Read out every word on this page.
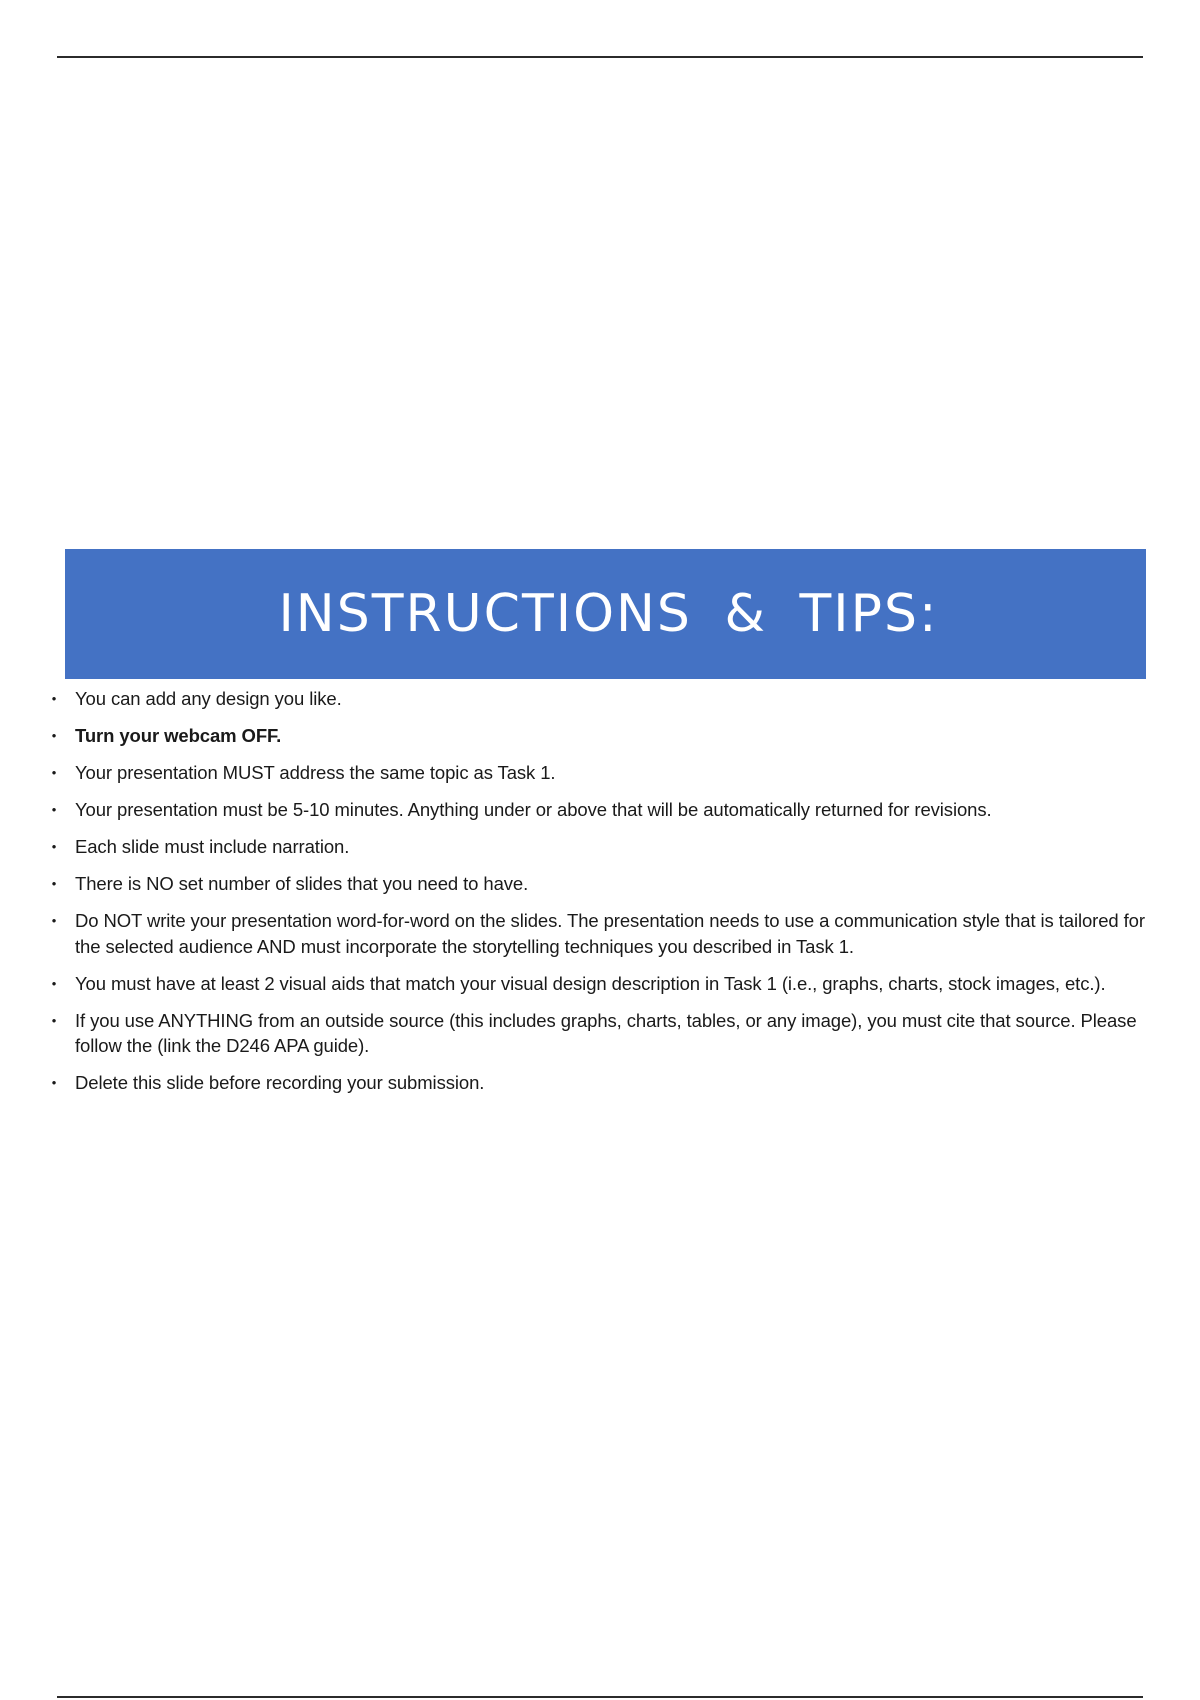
INSTRUCTIONS & TIPS:
• You can add any design you like.
• Turn your webcam OFF.
• Your presentation MUST address the same topic as Task 1.
• Your presentation must be 5-10 minutes. Anything under or above that will be automatically returned for revisions.
• Each slide must include narration.
• There is NO set number of slides that you need to have.
• Do NOT write your presentation word-for-word on the slides. The presentation needs to use a communication style that is tailored for the selected audience AND must incorporate the storytelling techniques you described in Task 1.
• You must have at least 2 visual aids that match your visual design description in Task 1 (i.e., graphs, charts, stock images, etc.).
• If you use ANYTHING from an outside source (this includes graphs, charts, tables, or any image), you must cite that source. Please follow the (link the D246 APA guide).
• Delete this slide before recording your submission.
